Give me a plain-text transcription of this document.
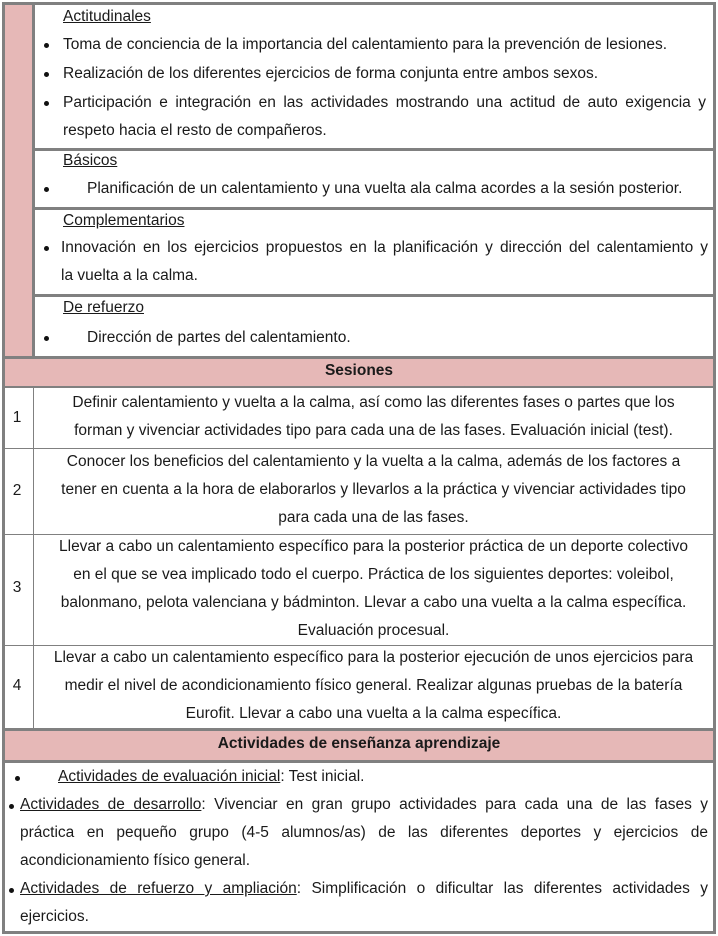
Actitudinales
Toma de conciencia de la importancia del calentamiento para la prevención de lesiones.
Realización de los diferentes ejercicios de forma conjunta entre ambos sexos.
Participación e integración en las actividades mostrando una actitud de auto exigencia y
respeto hacia el resto de compañeros.
Básicos
Planificación de un calentamiento y una vuelta ala calma acordes a la sesión posterior.
Complementarios
Innovación en los ejercicios propuestos en la planificación y dirección del calentamiento y
la vuelta a la calma.
De refuerzo
Dirección de partes del calentamiento.
Sesiones
1
Definir calentamiento y vuelta a la calma, así como las diferentes fases o partes que los
forman y vivenciar actividades tipo para cada una de las fases. Evaluación inicial (test).
2
Conocer los beneficios del calentamiento y la vuelta a la calma, además de los factores a
tener en cuenta a la hora de elaborarlos y llevarlos a la práctica y vivenciar actividades tipo
para cada una de las fases.
3
Llevar a cabo un calentamiento específico para la posterior práctica de un deporte colectivo
en el que se vea implicado todo el cuerpo. Práctica de los siguientes deportes: voleibol,
balonmano, pelota valenciana y bádminton. Llevar a cabo una vuelta a la calma específica.
Evaluación procesual.
4
Llevar a cabo un calentamiento específico para la posterior ejecución de unos ejercicios para
medir el nivel de acondicionamiento físico general. Realizar algunas pruebas de la batería
Eurofit. Llevar a cabo una vuelta a la calma específica.
Actividades de enseñanza aprendizaje
Actividades de evaluación inicial: Test inicial.
Actividades de desarrollo: Vivenciar en gran grupo actividades para cada una de las fases y
práctica en pequeño grupo (4-5 alumnos/as) de las diferentes deportes y ejercicios de
acondicionamiento físico general.
Actividades de refuerzo y ampliación: Simplificación o dificultar las diferentes actividades y
ejercicios.
